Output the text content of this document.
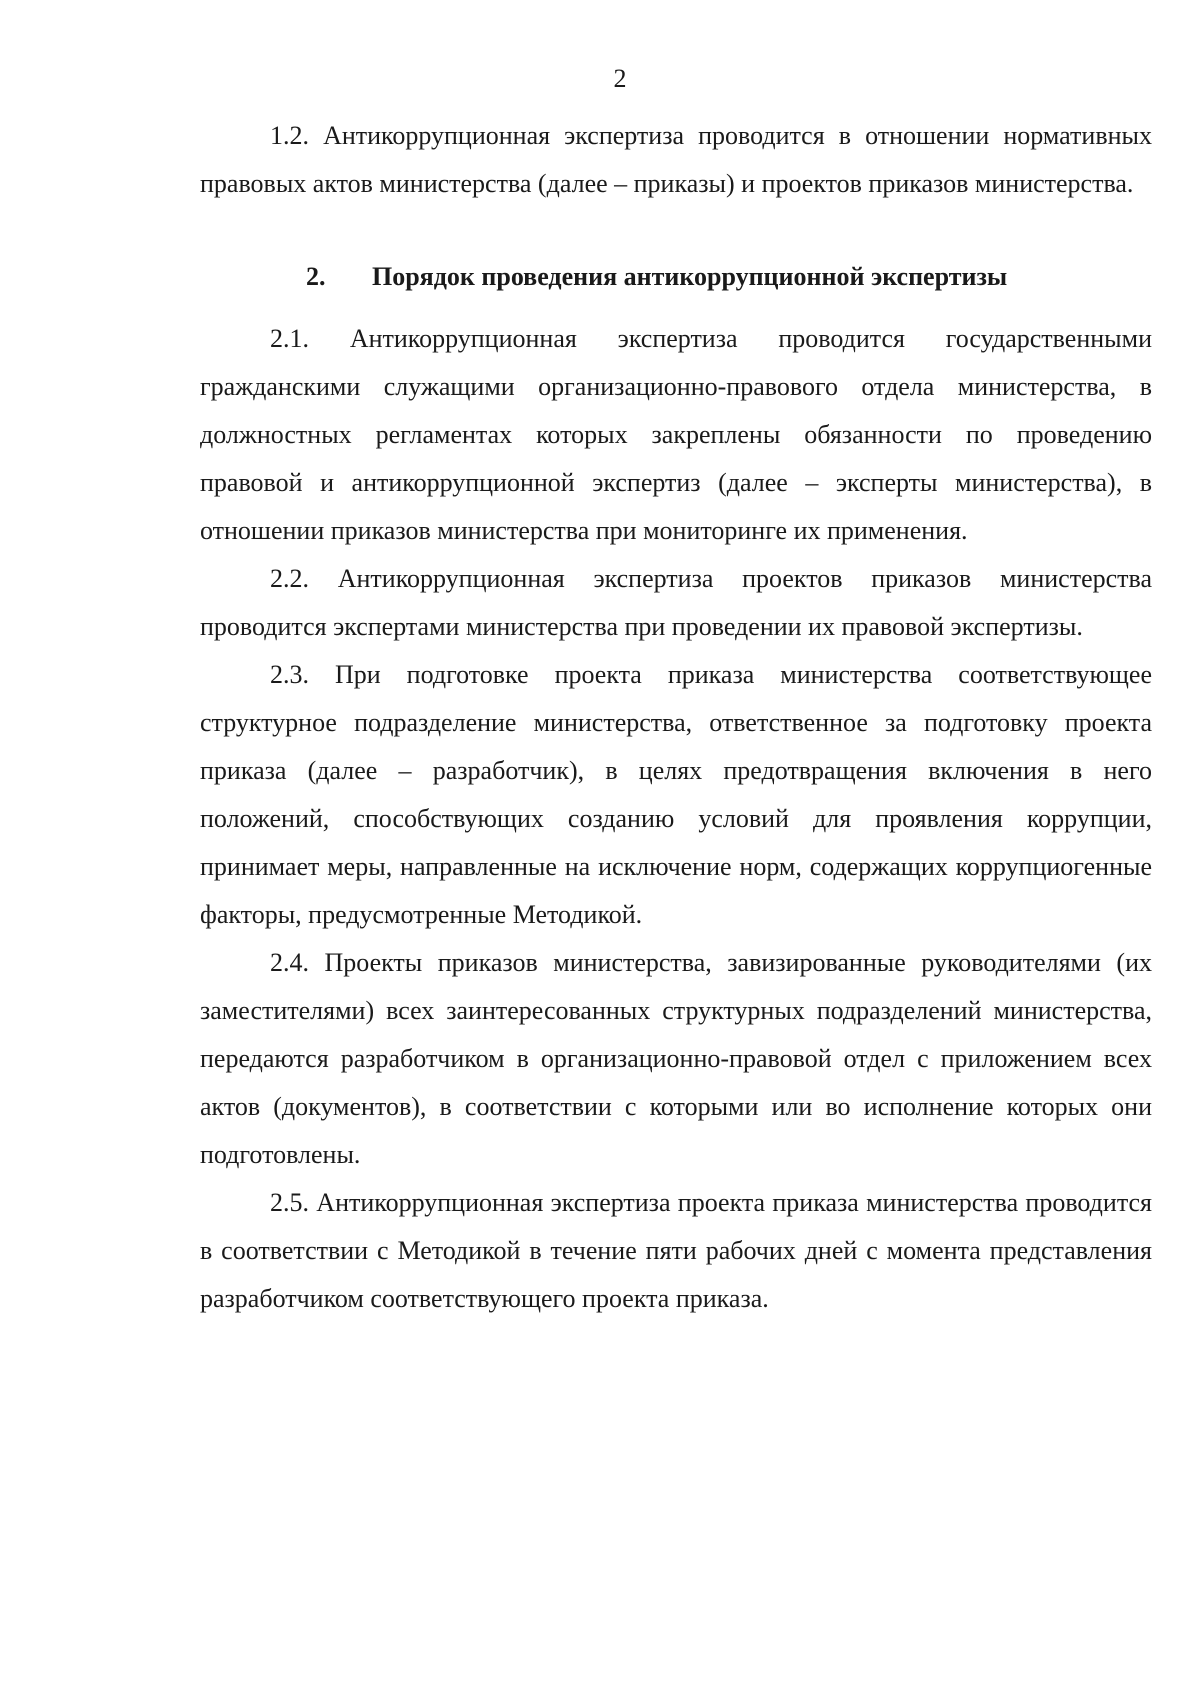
2

1.2. Антикоррупционная экспертиза проводится в отношении нормативных правовых актов министерства (далее – приказы) и проектов приказов министерства.

2. Порядок проведения антикоррупционной экспертизы

2.1. Антикоррупционная экспертиза проводится государственными гражданскими служащими организационно-правового отдела министерства, в должностных регламентах которых закреплены обязанности по проведению правовой и антикоррупционной экспертиз (далее – эксперты министерства), в отношении приказов министерства при мониторинге их применения.

2.2. Антикоррупционная экспертиза проектов приказов министерства проводится экспертами министерства при проведении их правовой экспертизы.

2.3. При подготовке проекта приказа министерства соответствующее структурное подразделение министерства, ответственное за подготовку проекта приказа (далее – разработчик), в целях предотвращения включения в него положений, способствующих созданию условий для проявления коррупции, принимает меры, направленные на исключение норм, содержащих коррупциогенные факторы, предусмотренные Методикой.

2.4. Проекты приказов министерства, завизированные руководителями (их заместителями) всех заинтересованных структурных подразделений министерства, передаются разработчиком в организационно-правовой отдел с приложением всех актов (документов), в соответствии с которыми или во исполнение которых они подготовлены.

2.5. Антикоррупционная экспертиза проекта приказа министерства проводится в соответствии с Методикой в течение пяти рабочих дней с момента представления разработчиком соответствующего проекта приказа.
